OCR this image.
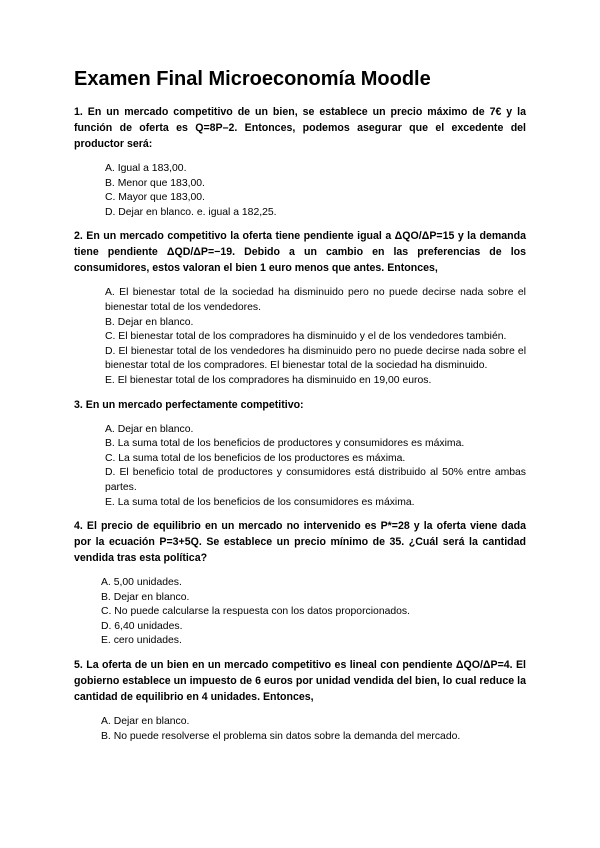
Examen Final Microeconomía Moodle

1. En un mercado competitivo de un bien, se establece un precio máximo de 7€ y la función de oferta es Q=8P–2. Entonces, podemos asegurar que el excedente del productor será:

A. Igual a 183,00.
B. Menor que 183,00.
C. Mayor que 183,00.
D. Dejar en blanco. e. igual a 182,25.

2. En un mercado competitivo la oferta tiene pendiente igual a ΔQO/ΔP=15 y la demanda tiene pendiente ΔQD/ΔP=−19. Debido a un cambio en las preferencias de los consumidores, estos valoran el bien 1 euro menos que antes. Entonces,

A. El bienestar total de la sociedad ha disminuido pero no puede decirse nada sobre el bienestar total de los vendedores.
B. Dejar en blanco.
C. El bienestar total de los compradores ha disminuido y el de los vendedores también.
D. El bienestar total de los vendedores ha disminuido pero no puede decirse nada sobre el bienestar total de los compradores. El bienestar total de la sociedad ha disminuido.
E. El bienestar total de los compradores ha disminuido en 19,00 euros.

3. En un mercado perfectamente competitivo:

A. Dejar en blanco.
B. La suma total de los beneficios de productores y consumidores es máxima.
C. La suma total de los beneficios de los productores es máxima.
D. El beneficio total de productores y consumidores está distribuido al 50% entre ambas partes.
E. La suma total de los beneficios de los consumidores es máxima.

4. El precio de equilibrio en un mercado no intervenido es P*=28 y la oferta viene dada por la ecuación P=3+5Q. Se establece un precio mínimo de 35. ¿Cuál será la cantidad vendida tras esta política?

A. 5,00 unidades.
B. Dejar en blanco.
C. No puede calcularse la respuesta con los datos proporcionados.
D. 6,40 unidades.
E. cero unidades.

5. La oferta de un bien en un mercado competitivo es lineal con pendiente ΔQO/ΔP=4. El gobierno establece un impuesto de 6 euros por unidad vendida del bien, lo cual reduce la cantidad de equilibrio en 4 unidades. Entonces,

A. Dejar en blanco.
B. No puede resolverse el problema sin datos sobre la demanda del mercado.
